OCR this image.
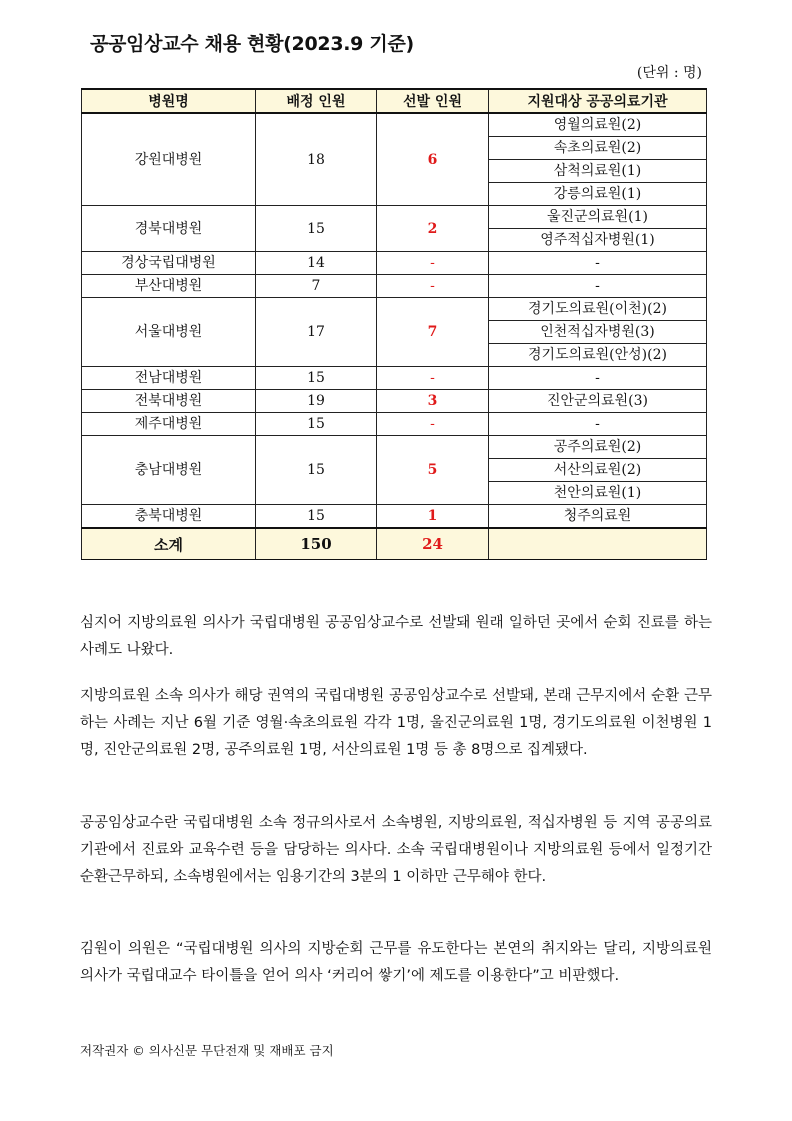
공공임상교수 채용 현황(2023.9 기준)
(단위 : 명)
병원명	배정 인원	선발 인원	지원대상 공공의료기관
강원대병원	18	6	영월의료원(2)
			속초의료원(2)
			삼척의료원(1)
			강릉의료원(1)
경북대병원	15	2	울진군의료원(1)
			영주적십자병원(1)
경상국립대병원	14	-	-
부산대병원	7	-	-
서울대병원	17	7	경기도의료원(이천)(2)
			인천적십자병원(3)
			경기도의료원(안성)(2)
전남대병원	15	-	-
전북대병원	19	3	진안군의료원(3)
제주대병원	15	-	-
충남대병원	15	5	공주의료원(2)
			서산의료원(2)
			천안의료원(1)
충북대병원	15	1	청주의료원
소계	150	24	
심지어 지방의료원 의사가 국립대병원 공공임상교수로 선발돼 원래 일하던 곳에서 순회 진료를 하는 사례도 나왔다.
지방의료원 소속 의사가 해당 권역의 국립대병원 공공임상교수로 선발돼, 본래 근무지에서 순환 근무하는 사례는 지난 6월 기준 영월·속초의료원 각각 1명, 울진군의료원 1명, 경기도의료원 이천병원 1명, 진안군의료원 2명, 공주의료원 1명, 서산의료원 1명 등 총 8명으로 집계됐다.
공공임상교수란 국립대병원 소속 정규의사로서 소속병원, 지방의료원, 적십자병원 등 지역 공공의료기관에서 진료와 교육수련 등을 담당하는 의사다. 소속 국립대병원이나 지방의료원 등에서 일정기간 순환근무하되, 소속병원에서는 임용기간의 3분의 1 이하만 근무해야 한다.
김원이 의원은 “국립대병원 의사의 지방순회 근무를 유도한다는 본연의 취지와는 달리, 지방의료원 의사가 국립대교수 타이틀을 얻어 의사 ‘커리어 쌓기’에 제도를 이용한다”고 비판했다.
저작권자 © 의사신문 무단전재 및 재배포 금지
